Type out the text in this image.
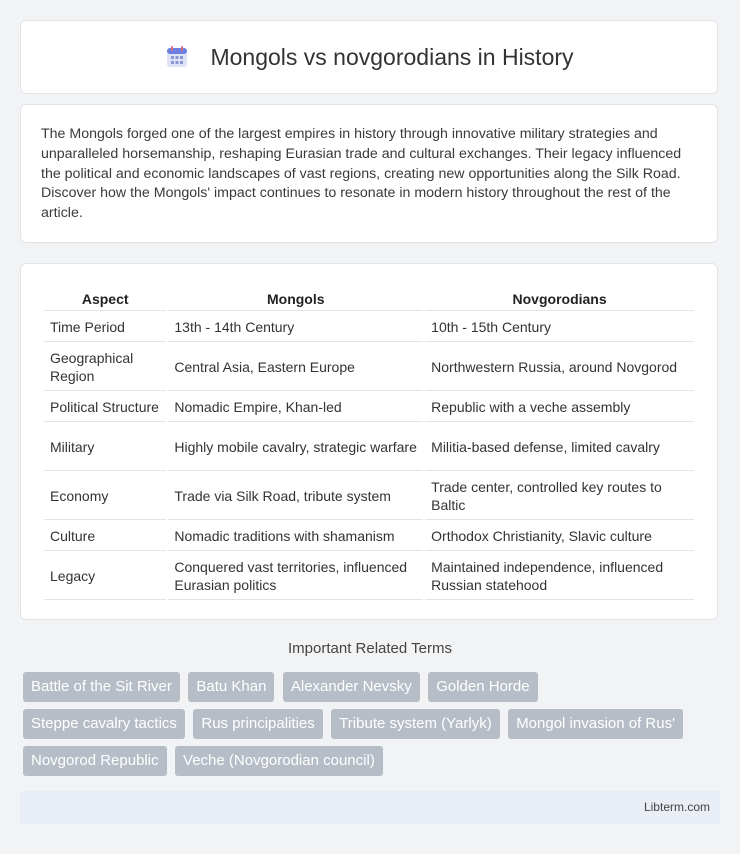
Mongols vs novgorodians in History

The Mongols forged one of the largest empires in history through innovative military strategies and unparalleled horsemanship, reshaping Eurasian trade and cultural exchanges. Their legacy influenced the political and economic landscapes of vast regions, creating new opportunities along the Silk Road. Discover how the Mongols' impact continues to resonate in modern history throughout the rest of the article.

Aspect	Mongols	Novgorodians
Time Period	13th - 14th Century	10th - 15th Century
Geographical Region	Central Asia, Eastern Europe	Northwestern Russia, around Novgorod
Political Structure	Nomadic Empire, Khan-led	Republic with a veche assembly
Military	Highly mobile cavalry, strategic warfare	Militia-based defense, limited cavalry
Economy	Trade via Silk Road, tribute system	Trade center, controlled key routes to Baltic
Culture	Nomadic traditions with shamanism	Orthodox Christianity, Slavic culture
Legacy	Conquered vast territories, influenced Eurasian politics	Maintained independence, influenced Russian statehood
Important Related Terms
Battle of the Sit River Batu Khan Alexander Nevsky Golden Horde
Steppe cavalry tactics Rus principalities Tribute system (Yarlyk) Mongol invasion of Rus'
Novgorod Republic Veche (Novgorodian council)
Libterm.com
